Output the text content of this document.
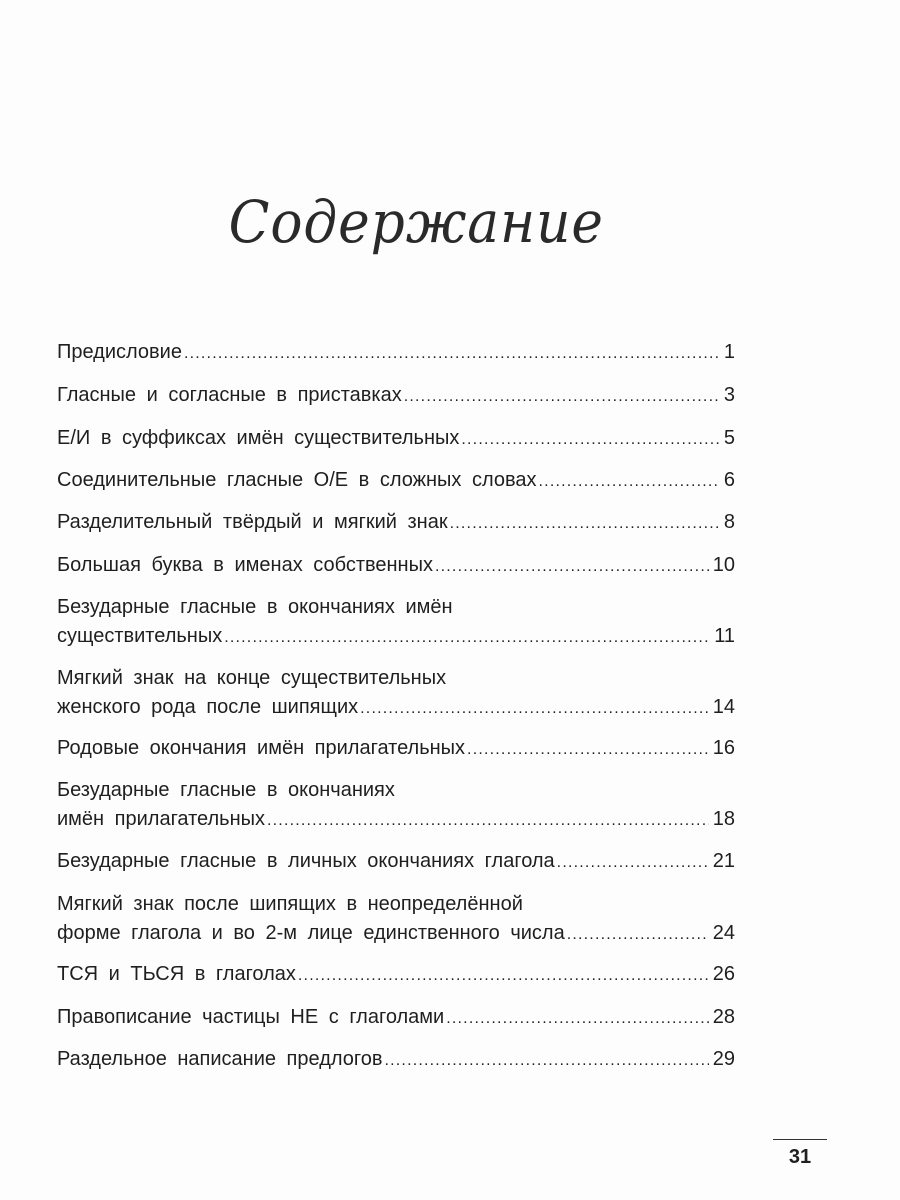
Содержание
Предисловие .....	1
Гласные и согласные в приставках .....	3
Е/И в суффиксах имён существительных .....	5
Соединительные гласные О/Е в сложных словах .....	6
Разделительный твёрдый и мягкий знак .....	8
Большая буква в именах собственных .....	10
Безударные гласные в окончаниях имён
существительных .....	11
Мягкий знак на конце существительных
женского рода после шипящих .....	14
Родовые окончания имён прилагательных .....	16
Безударные гласные в окончаниях
имён прилагательных .....	18
Безударные гласные в личных окончаниях глагола .....	21
Мягкий знак после шипящих в неопределённой
форме глагола и во 2-м лице единственного числа .....	24
ТСЯ и ТЬСЯ в глаголах .....	26
Правописание частицы НЕ с глаголами .....	28
Раздельное написание предлогов .....	29
31
